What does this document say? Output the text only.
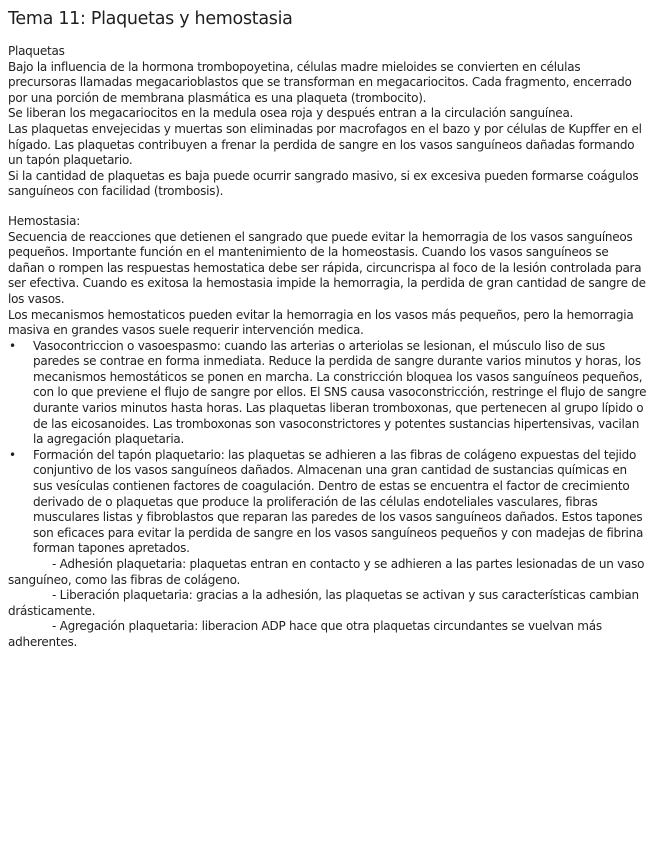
Tema 11: Plaquetas y hemostasia
Plaquetas

Bajo la influencia de la hormona trombopoyetina, células madre mieloides se convierten en células precursoras llamadas megacarioblastos que se transforman en megacariocitos. Cada fragmento, encerrado por una porción de membrana plasmática es una plaqueta (trombocito).

Se liberan los megacariocitos en la medula osea roja y después entran a la circulación sanguínea.

Las plaquetas envejecidas y muertas son eliminadas por macrofagos en el bazo y por células de Kupffer en el hígado. Las plaquetas contribuyen a frenar la perdida de sangre en los vasos sanguíneos dañadas formando un tapón plaquetario.

Si la cantidad de plaquetas es baja puede ocurrir sangrado masivo, si ex excesiva pueden formarse coágulos sanguíneos con facilidad (trombosis).

Hemostasia:

Secuencia de reacciones que detienen el sangrado que puede evitar la hemorragia de los vasos sanguíneos pequeños. Importante función en el mantenimiento de la homeostasis. Cuando los vasos sanguíneos se dañan o rompen las respuestas hemostatica debe ser rápida, circuncrispa al foco de la lesión controlada para ser efectiva. Cuando es exitosa la hemostasia impide la hemorragia, la perdida de gran cantidad de sangre de los vasos.

Los mecanismos hemostaticos pueden evitar la hemorragia en los vasos más pequeños, pero la hemorragia masiva en grandes vasos suele requerir intervención medica.

• Vasocontriccion o vasoespasmo: cuando las arterias o arteriolas se lesionan, el músculo liso de sus paredes se contrae en forma inmediata. Reduce la perdida de sangre durante varios minutos y horas, los mecanismos hemostáticos se ponen en marcha. La constricción bloquea los vasos sanguíneos pequeños, con lo que previene el flujo de sangre por ellos. El SNS causa vasoconstricción, restringe el flujo de sangre durante varios minutos hasta horas. Las plaquetas liberan tromboxonas, que pertenecen al grupo lípido o de las eicosanoides. Las tromboxonas son vasoconstrictores y potentes sustancias hipertensivas, vacilan la agregación plaquetaria.
• Formación del tapón plaquetario: las plaquetas se adhieren a las fibras de colágeno expuestas del tejido conjuntivo de los vasos sanguíneos dañados. Almacenan una gran cantidad de sustancias químicas en sus vesículas contienen factores de coagulación. Dentro de estas se encuentra el factor de crecimiento derivado de o plaquetas que produce la proliferación de las células endoteliales vasculares, fibras musculares listas y fibroblastos que reparan las paredes de los vasos sanguíneos dañados. Estos tapones son eficaces para evitar la perdida de sangre en los vasos sanguíneos pequeños y con madejas de fibrina forman tapones apretados.

- Adhesión plaquetaria: plaquetas entran en contacto y se adhieren a las partes lesionadas de un vaso sanguíneo, como las fibras de colágeno.

- Liberación plaquetaria: gracias a la adhesión, las plaquetas se activan y sus características cambian drásticamente.

- Agregación plaquetaria: liberacion ADP hace que otra plaquetas circundantes se vuelvan más adherentes.
